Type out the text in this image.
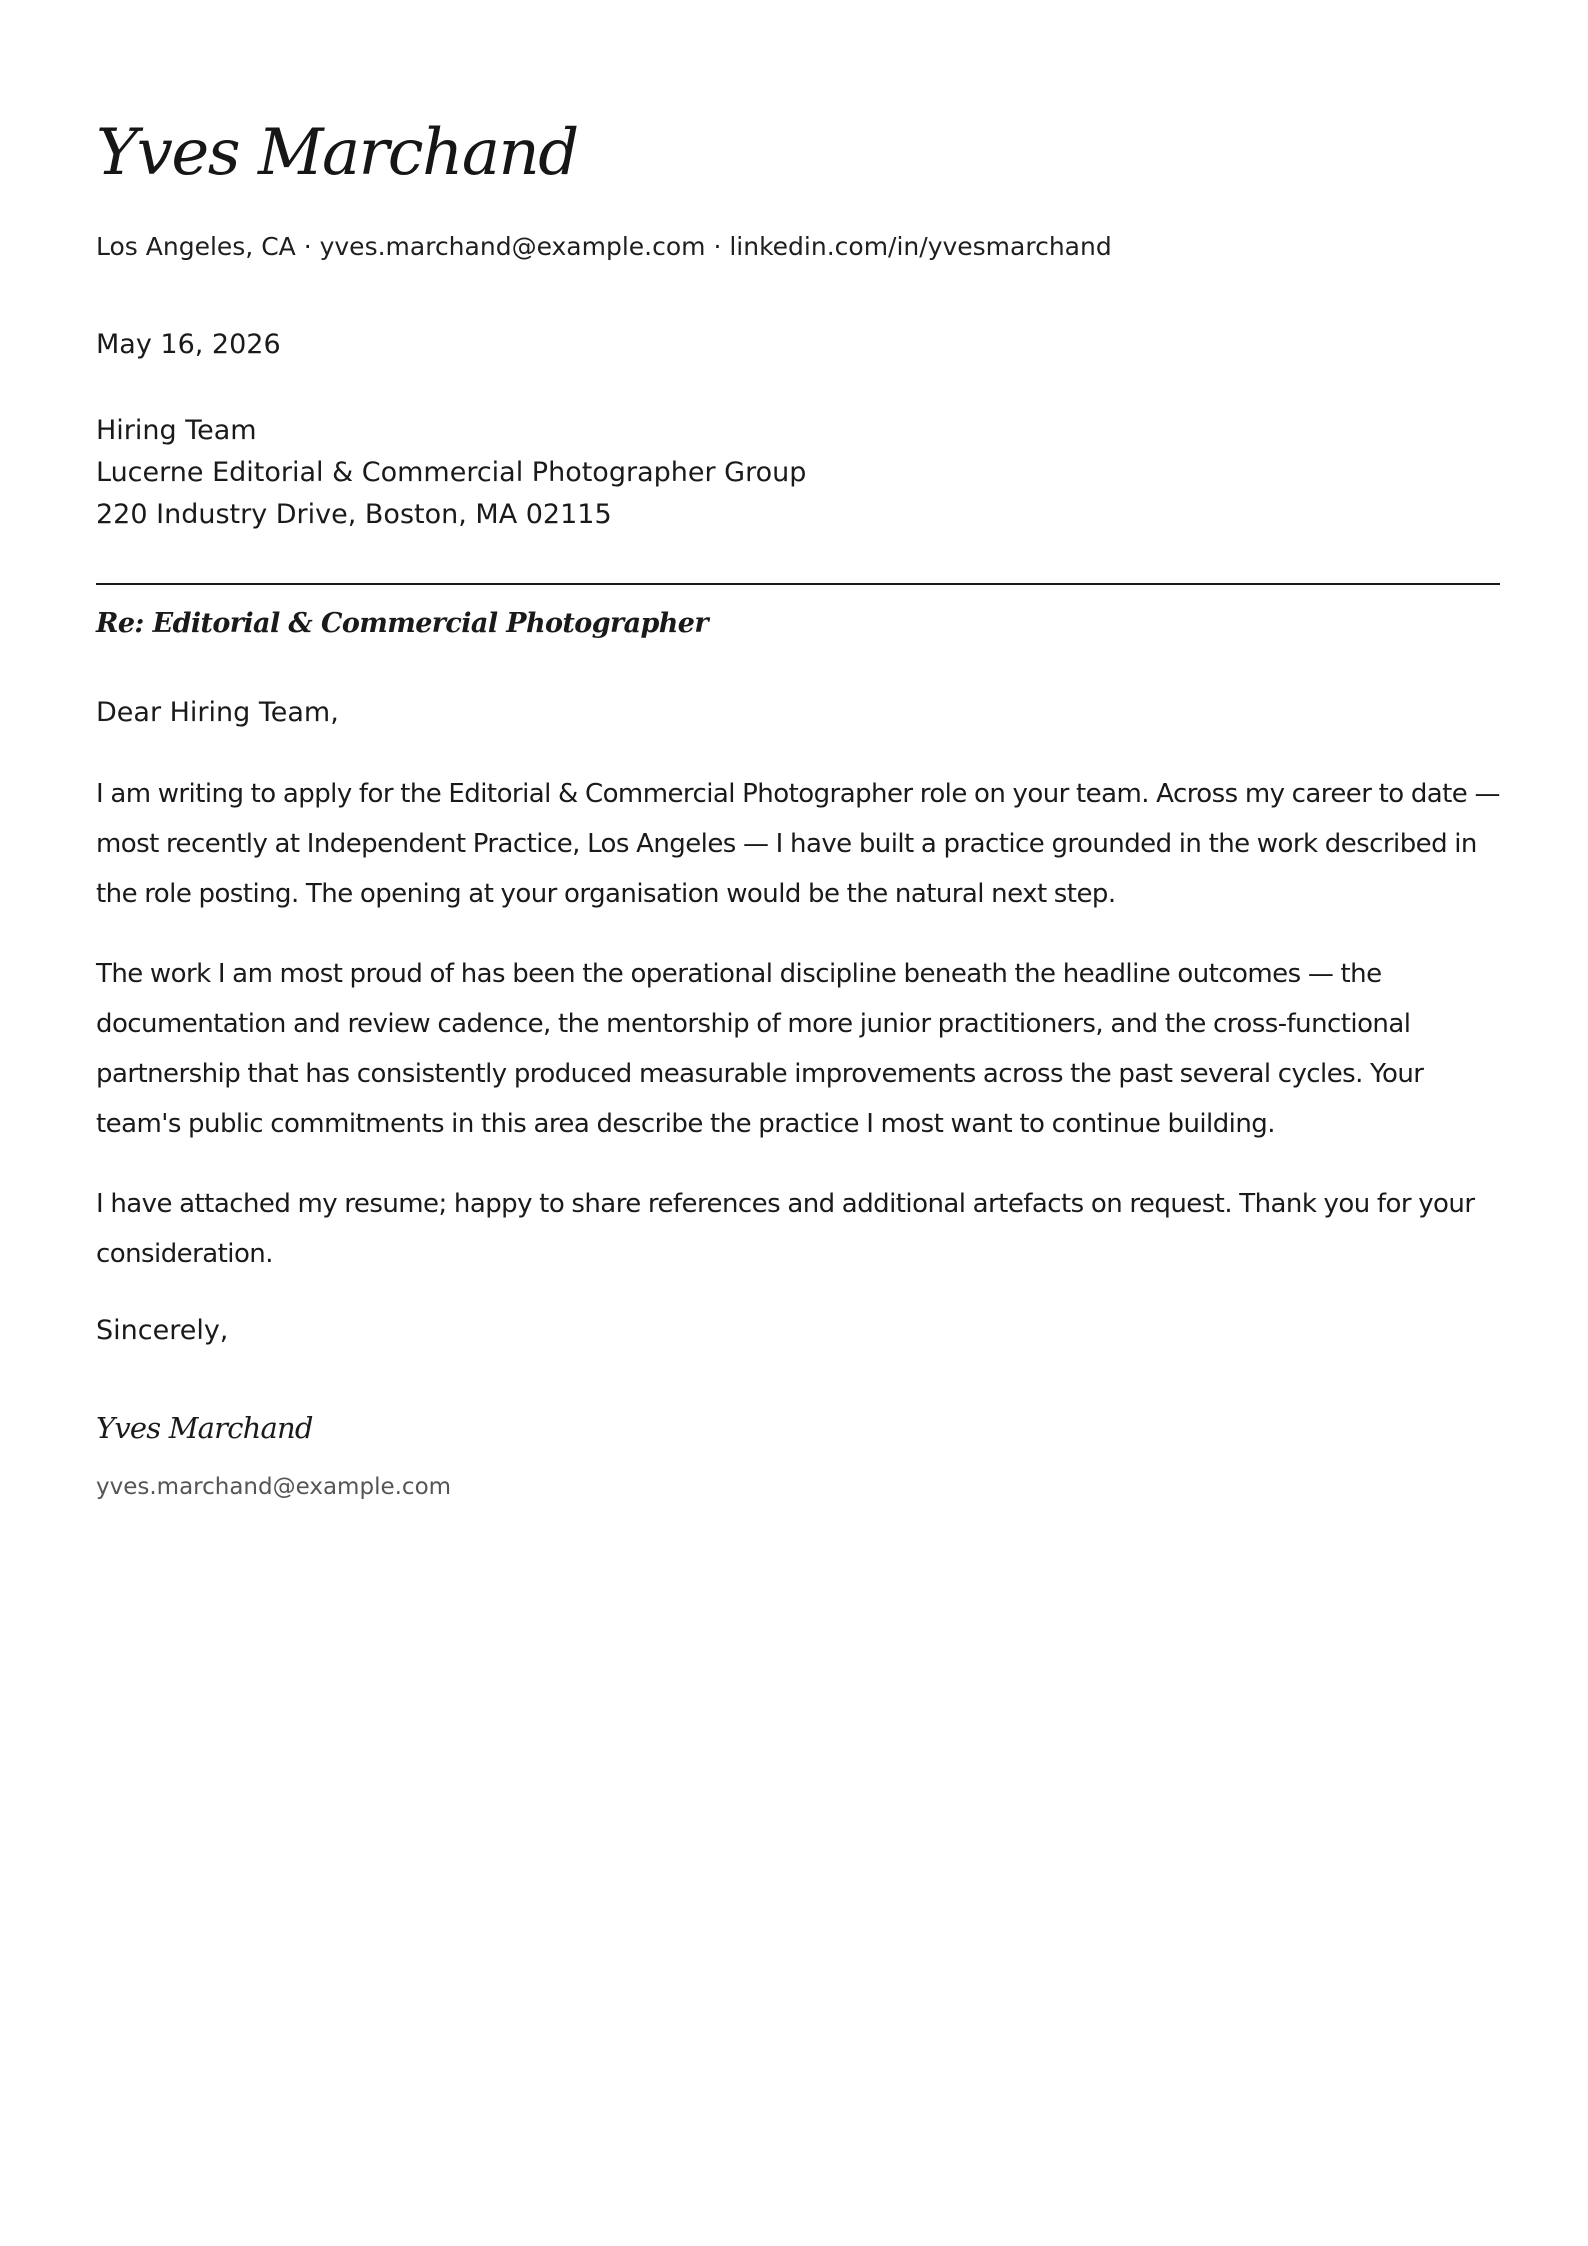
Yves Marchand
Los Angeles, CA · yves.marchand@example.com · linkedin.com/in/yvesmarchand
May 16, 2026
Hiring Team
Lucerne Editorial & Commercial Photographer Group
220 Industry Drive, Boston, MA 02115
Re: Editorial & Commercial Photographer
Dear Hiring Team,

I am writing to apply for the Editorial & Commercial Photographer role on your team. Across my career to date — most recently at Independent Practice, Los Angeles — I have built a practice grounded in the work described in the role posting. The opening at your organisation would be the natural next step.

The work I am most proud of has been the operational discipline beneath the headline outcomes — the documentation and review cadence, the mentorship of more junior practitioners, and the cross-functional partnership that has consistently produced measurable improvements across the past several cycles. Your team's public commitments in this area describe the practice I most want to continue building.

I have attached my resume; happy to share references and additional artefacts on request. Thank you for your consideration.

Sincerely,
Yves Marchand
yves.marchand@example.com
